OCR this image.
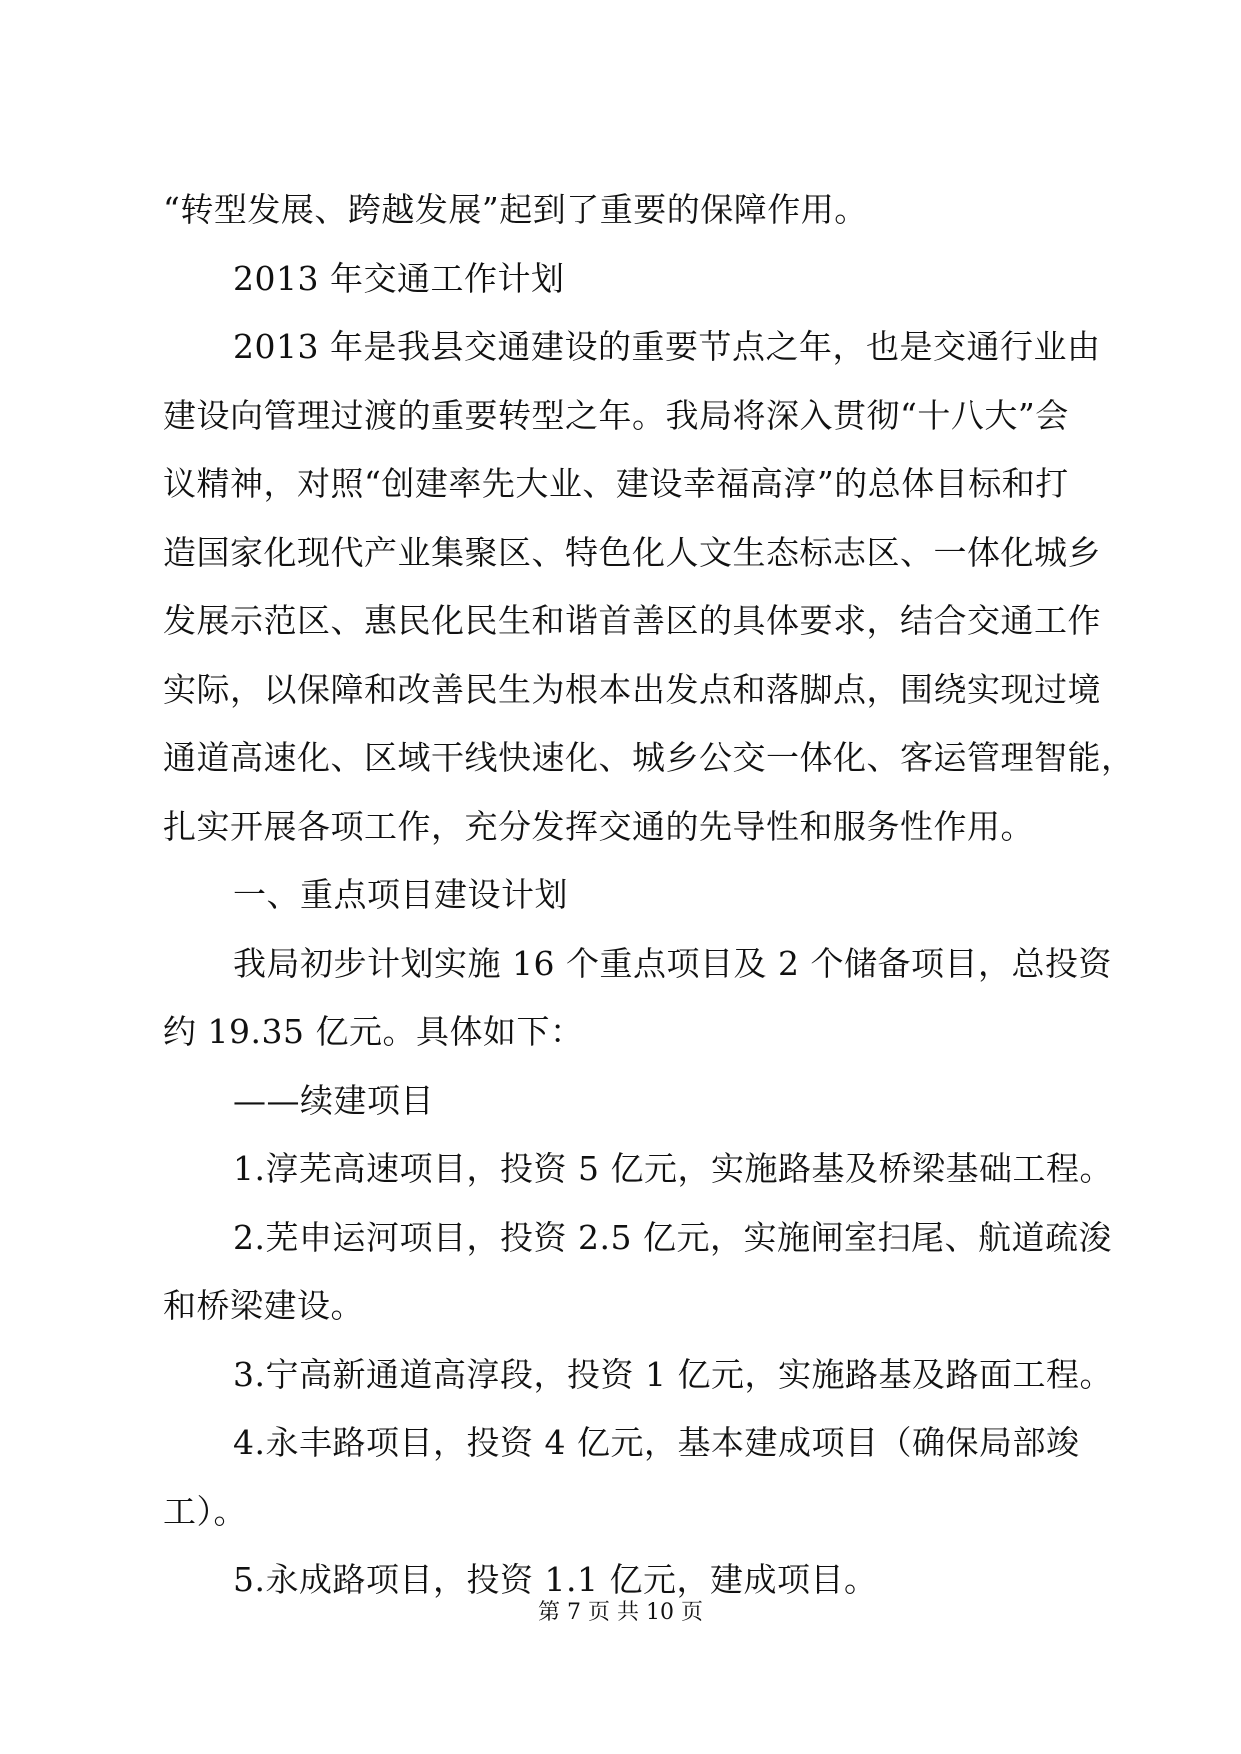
“转型发展、跨越发展”起到了重要的保障作用。
2013 年交通工作计划
2013 年是我县交通建设的重要节点之年，也是交通行业由
建设向管理过渡的重要转型之年。我局将深入贯彻“十八大”会
议精神，对照“创建率先大业、建设幸福高淳”的总体目标和打
造国家化现代产业集聚区、特色化人文生态标志区、一体化城乡
发展示范区、惠民化民生和谐首善区的具体要求，结合交通工作
实际，以保障和改善民生为根本出发点和落脚点，围绕实现过境
通道高速化、区域干线快速化、城乡公交一体化、客运管理智能，
扎实开展各项工作，充分发挥交通的先导性和服务性作用。
一、重点项目建设计划
我局初步计划实施 16 个重点项目及 2 个储备项目，总投资
约 19.35 亿元。具体如下：
——续建项目
1.淳芜高速项目，投资 5 亿元，实施路基及桥梁基础工程。
2.芜申运河项目，投资 2.5 亿元，实施闸室扫尾、航道疏浚
和桥梁建设。
3.宁高新通道高淳段，投资 1 亿元，实施路基及路面工程。
4.永丰路项目，投资 4 亿元，基本建成项目（确保局部竣
工）。
5.永成路项目，投资 1.1 亿元，建成项目。
第 7 页 共 10 页
